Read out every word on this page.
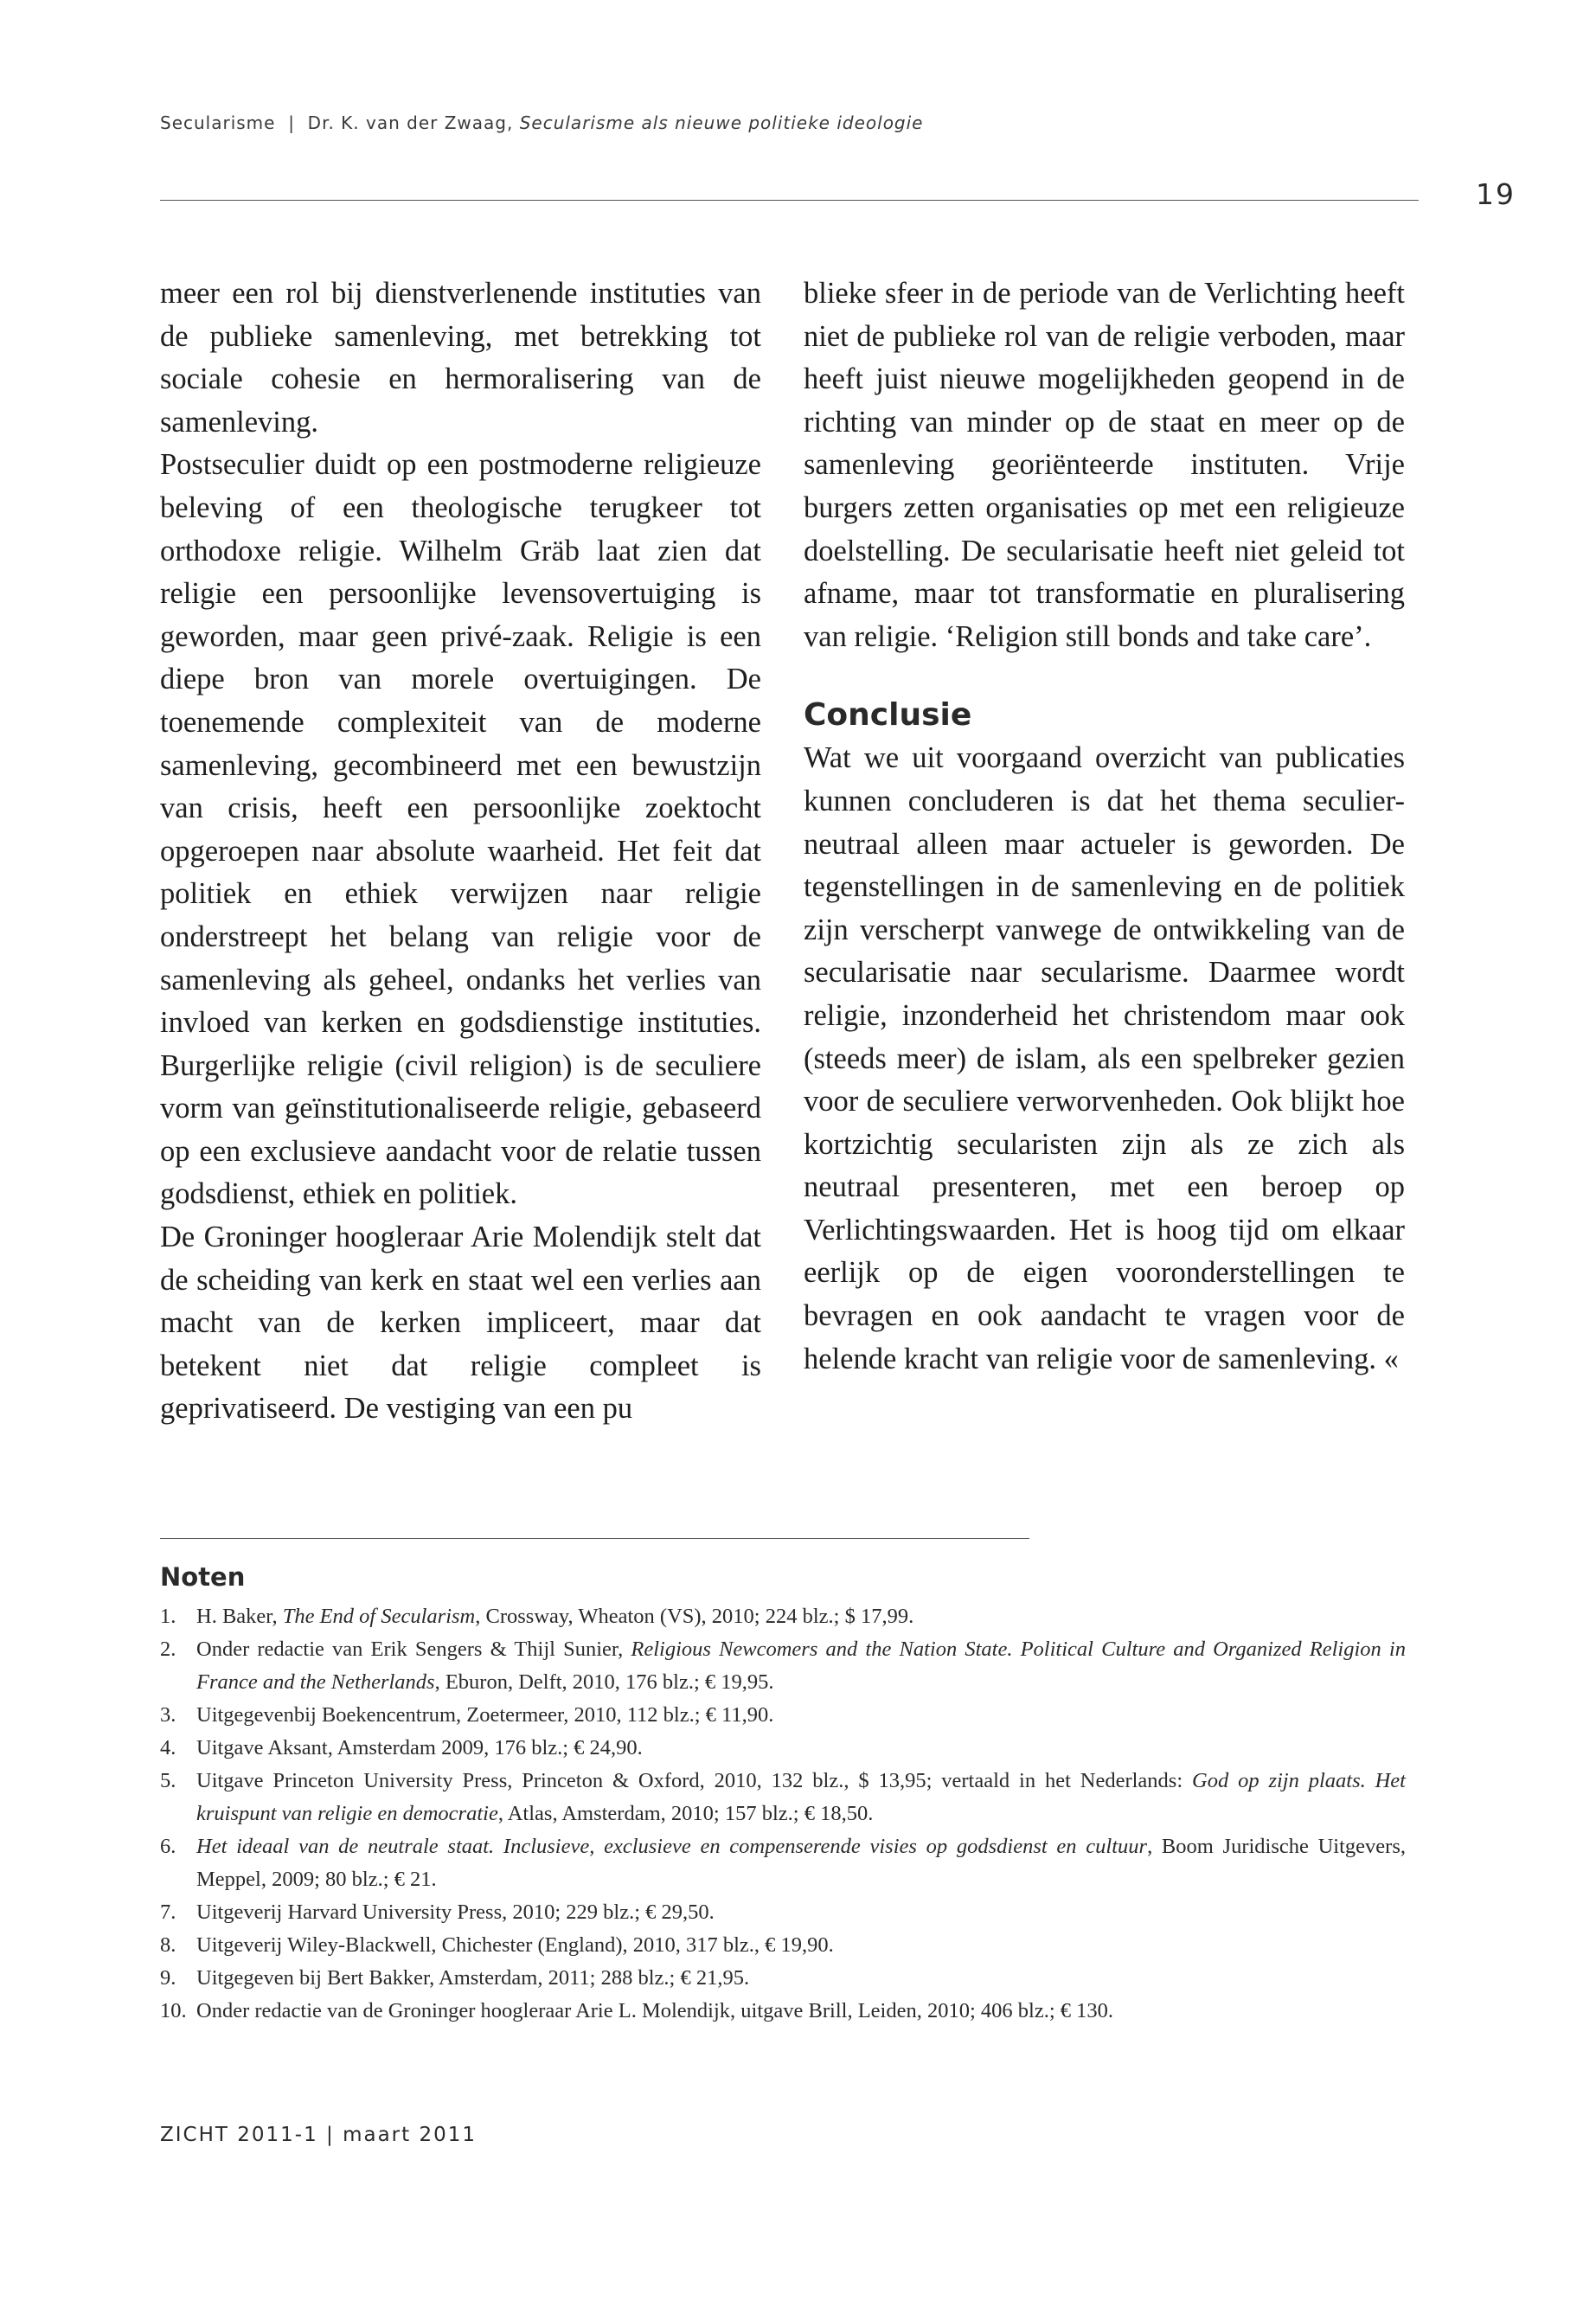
Secularisme | Dr. K. van der Zwaag, Secularisme als nieuwe politieke ideologie
19

meer een rol bij dienstverlenende instituties van de publieke samenleving, met betrekking tot sociale cohesie en hermoralisering van de samenleving.

Postseculier duidt op een postmoderne religieuze beleving of een theologische terugkeer tot orthodoxe religie. Wilhelm Gräb laat zien dat religie een persoonlijke levensovertuiging is geworden, maar geen privé-zaak. Religie is een diepe bron van morele overtuigingen. De toenemende complexiteit van de moderne samenleving, gecombineerd met een bewustzijn van crisis, heeft een persoonlijke zoektocht opgeroepen naar absolute waarheid. Het feit dat politiek en ethiek verwijzen naar religie onderstreept het belang van religie voor de samenleving als geheel, ondanks het verlies van invloed van kerken en godsdienstige instituties. Burgerlijke religie (civil religion) is de seculiere vorm van geïnstitutionaliseerde religie, gebaseerd op een exclusieve aandacht voor de relatie tussen godsdienst, ethiek en politiek.

De Groninger hoogleraar Arie Molendijk stelt dat de scheiding van kerk en staat wel een verlies aan macht van de kerken impliceert, maar dat betekent niet dat religie compleet is geprivatiseerd. De vestiging van een pu

blieke sfeer in de periode van de Verlichting heeft niet de publieke rol van de religie verboden, maar heeft juist nieuwe mogelijkheden geopend in de richting van minder op de staat en meer op de samenleving georiënteerde instituten. Vrije burgers zetten organisaties op met een religieuze doelstelling. De secularisatie heeft niet geleid tot afname, maar tot transformatie en pluralisering van religie. ‘Religion still bonds and take care’.

Conclusie

Wat we uit voorgaand overzicht van publicaties kunnen concluderen is dat het thema seculier-neutraal alleen maar actueler is geworden. De tegenstellingen in de samenleving en de politiek zijn verscherpt vanwege de ontwikkeling van de secularisatie naar secularisme. Daarmee wordt religie, inzonderheid het christendom maar ook (steeds meer) de islam, als een spelbreker gezien voor de seculiere verworvenheden. Ook blijkt hoe kortzichtig secularisten zijn als ze zich als neutraal presenteren, met een beroep op Verlichtingswaarden. Het is hoog tijd om elkaar eerlijk op de eigen vooronderstellingen te bevragen en ook aandacht te vragen voor de helende kracht van religie voor de samenleving. «

Noten
1. H. Baker, The End of Secularism, Crossway, Wheaton (VS), 2010; 224 blz.; $ 17,99.
2. Onder redactie van Erik Sengers & Thijl Sunier, Religious Newcomers and the Nation State. Political Culture and Organized Religion in France and the Netherlands, Eburon, Delft, 2010, 176 blz.; € 19,95.
3. Uitgegevenbij Boekencentrum, Zoetermeer, 2010, 112 blz.; € 11,90.
4. Uitgave Aksant, Amsterdam 2009, 176 blz.; € 24,90.
5. Uitgave Princeton University Press, Princeton & Oxford, 2010, 132 blz., $ 13,95; vertaald in het Nederlands: God op zijn plaats. Het kruispunt van religie en democratie, Atlas, Amsterdam, 2010; 157 blz.; € 18,50.
6. Het ideaal van de neutrale staat. Inclusieve, exclusieve en compenserende visies op godsdienst en cultuur, Boom Juridische Uitgevers, Meppel, 2009; 80 blz.; € 21.
7. Uitgeverij Harvard University Press, 2010; 229 blz.; € 29,50.
8. Uitgeverij Wiley-Blackwell, Chichester (England), 2010, 317 blz., € 19,90.
9. Uitgegeven bij Bert Bakker, Amsterdam, 2011; 288 blz.; € 21,95.
10. Onder redactie van de Groninger hoogleraar Arie L. Molendijk, uitgave Brill, Leiden, 2010; 406 blz.; € 130.
ZICHT 2011-1 | maart 2011
